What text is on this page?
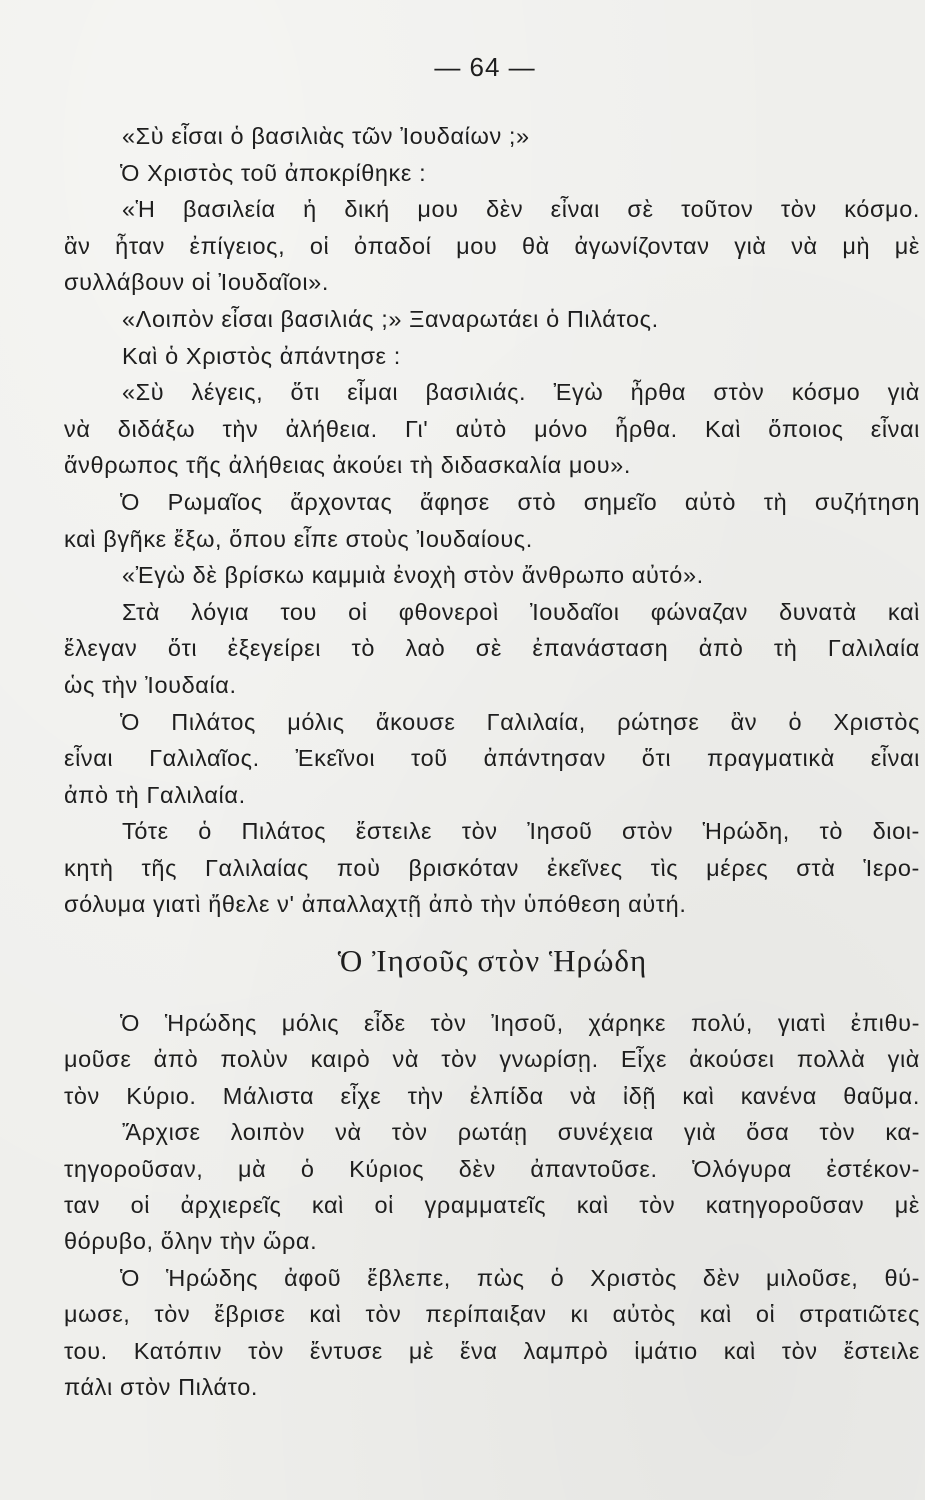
— 64 —
«Σὺ εἶσαι ὁ βασιλιὰς τῶν Ἰουδαίων ;»
Ὁ Χριστὸς τοῦ ἀποκρίθηκε :
«Ἡ βασιλεία ἡ δική μου δὲν εἶναι σὲ τοῦτον τὸν κόσμο.
ἂν ἦταν ἐπίγειος, οἱ ὀπαδοί μου θὰ ἀγωνίζονταν γιὰ νὰ μὴ μὲ
συλλάβουν οἱ Ἰουδαῖοι».
«Λοιπὸν εἶσαι βασιλιάς ;» Ξαναρωτάει ὁ Πιλάτος.
Καὶ ὁ Χριστὸς ἀπάντησε :
«Σὺ λέγεις, ὅτι εἶμαι βασιλιάς. Ἐγὼ ἦρθα στὸν κόσμο γιὰ
νὰ διδάξω τὴν ἀλήθεια. Γι' αὐτὸ μόνο ἦρθα. Καὶ ὅποιος εἶναι
ἄνθρωπος τῆς ἀλήθειας ἀκούει τὴ διδασκαλία μου».
Ὁ Ρωμαῖος ἄρχοντας ἄφησε στὸ σημεῖο αὐτὸ τὴ συζήτηση
καὶ βγῆκε ἔξω, ὅπου εἶπε στοὺς Ἰουδαίους.
«Ἐγὼ δὲ βρίσκω καμμιὰ ἐνοχὴ στὸν ἄνθρωπο αὐτό».
Στὰ λόγια του οἱ φθονεροὶ Ἰουδαῖοι φώναζαν δυνατὰ καὶ
ἔλεγαν ὅτι ἐξεγείρει τὸ λαὸ σὲ ἐπανάσταση ἀπὸ τὴ Γαλιλαία
ὡς τὴν Ἰουδαία.
Ὁ Πιλάτος μόλις ἄκουσε Γαλιλαία, ρώτησε ἂν ὁ Χριστὸς
εἶναι Γαλιλαῖος. Ἐκεῖνοι τοῦ ἀπάντησαν ὅτι πραγματικὰ εἶναι
ἀπὸ τὴ Γαλιλαία.
Τότε ὁ Πιλάτος ἔστειλε τὸν Ἰησοῦ στὸν Ἡρώδη, τὸ διοι-
κητὴ τῆς Γαλιλαίας ποὺ βρισκόταν ἐκεῖνες τὶς μέρες στὰ Ἱερο-
σόλυμα γιατὶ ἤθελε ν' ἀπαλλαχτῇ ἀπὸ τὴν ὑπόθεση αὐτή.
Ὁ Ἰησοῦς στὸν Ἡρώδη
Ὁ Ἡρώδης μόλις εἶδε τὸν Ἰησοῦ, χάρηκε πολύ, γιατὶ ἐπιθυ-
μοῦσε ἀπὸ πολὺν καιρὸ νὰ τὸν γνωρίσῃ. Εἶχε ἀκούσει πολλὰ γιὰ
τὸν Κύριο. Μάλιστα εἶχε τὴν ἐλπίδα νὰ ἰδῇ καὶ κανένα θαῦμα.
Ἄρχισε λοιπὸν νὰ τὸν ρωτάῃ συνέχεια γιὰ ὅσα τὸν κα-
τηγοροῦσαν, μὰ ὁ Κύριος δὲν ἀπαντοῦσε. Ὁλόγυρα ἐστέκον-
ταν οἱ ἀρχιερεῖς καὶ οἱ γραμματεῖς καὶ τὸν κατηγοροῦσαν μὲ
θόρυβο, ὅλην τὴν ὥρα.
Ὁ Ἡρώδης ἀφοῦ ἔβλεπε, πὼς ὁ Χριστὸς δὲν μιλοῦσε, θύ-
μωσε, τὸν ἔβρισε καὶ τὸν περίπαιξαν κι αὐτὸς καὶ οἱ στρατιῶτες
του. Κατόπιν τὸν ἔντυσε μὲ ἕνα λαμπρὸ ἱμάτιο καὶ τὸν ἔστειλε
πάλι στὸν Πιλάτο.
